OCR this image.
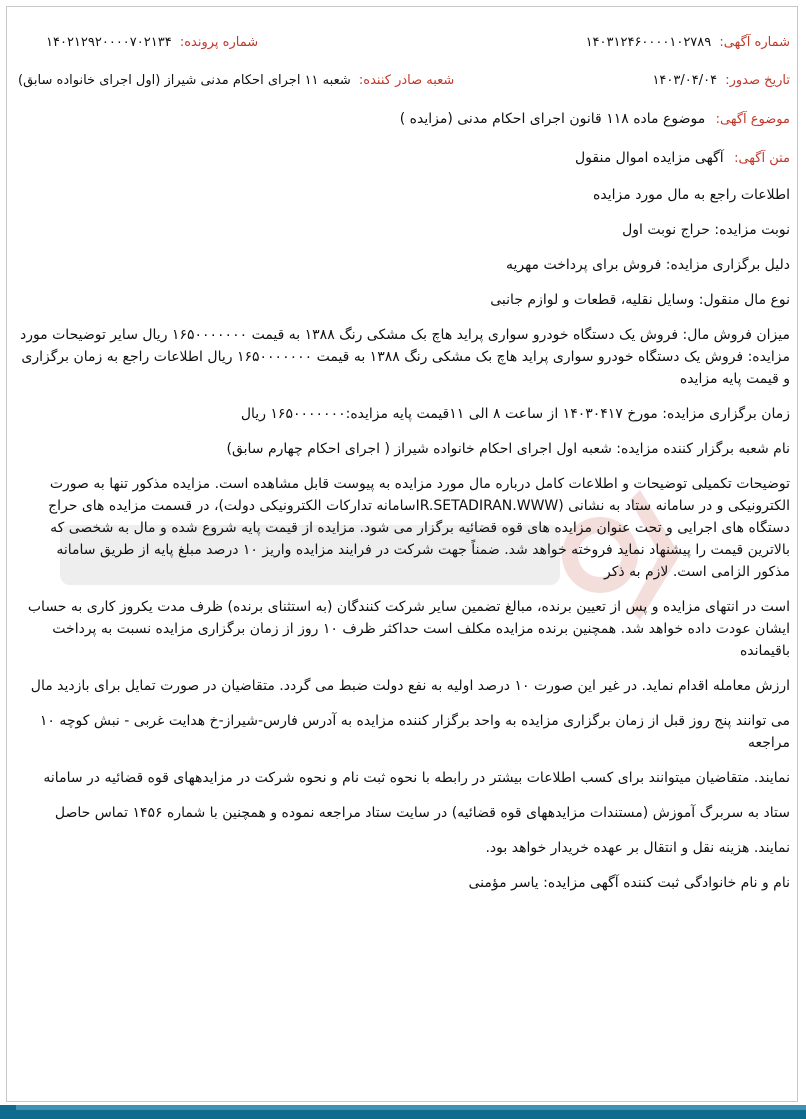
شماره آگهی: ۱۴۰۳۱۲۴۶۰۰۰۰۱۰۲۷۸۹
شماره پرونده: ۱۴۰۲۱۲۹۲۰۰۰۰۷۰۲۱۳۴
تاریخ صدور: ۱۴۰۳/۰۴/۰۴
شعبه صادر کننده: شعبه ۱۱ اجرای احکام مدنی شیراز (اول اجرای خانواده سابق)
موضوع آگهی: موضوع ماده ۱۱۸ قانون اجرای احکام مدنی (مزایده )
متن آگهی: آگهی مزایده اموال منقول

اطلاعات راجع به مال مورد مزایده

نوبت مزایده: حراج نوبت اول

دلیل برگزاری مزایده: فروش برای پرداخت مهریه

نوع مال منقول: وسایل نقلیه، قطعات و لوازم جانبی

میزان فروش مال: فروش یک دستگاه خودرو سواری پراید هاچ بک مشکی رنگ ۱۳۸۸ به قیمت ۱۶۵۰۰۰۰۰۰۰ ریال سایر توضیحات مورد مزایده: فروش یک دستگاه خودرو سواری پراید هاچ بک مشکی رنگ ۱۳۸۸ به قیمت ۱۶۵۰۰۰۰۰۰۰ ریال اطلاعات راجع به زمان برگزاری و قیمت پایه مزایده

زمان برگزاری مزایده: مورخ ۱۴۰۳۰۴۱۷ از ساعت ۸ الی ۱۱قیمت پایه مزایده:۱۶۵۰۰۰۰۰۰۰ ریال

نام شعبه برگزار کننده مزایده: شعبه اول اجرای احکام خانواده شیراز ( اجرای احکام چهارم سابق)

توضیحات تکمیلی توضیحات و اطلاعات کامل درباره مال مورد مزایده به پیوست قابل مشاهده است. مزایده مذکور تنها به صورت الکترونیکی و در سامانه ستاد به نشانی (IR.SETADIRAN.WWWسامانه تدارکات الکترونیکی دولت)، در قسمت مزایده های حراج دستگاه های اجرایی و تحت عنوان مزایده های قوه قضائیه برگزار می شود. مزایده از قیمت پایه شروع شده و مال به شخصی که بالاترین قیمت را پیشنهاد نماید فروخته خواهد شد. ضمناً جهت شرکت در فرایند مزایده واریز ۱۰ درصد مبلغ پایه از طریق سامانه مذکور الزامی است. لازم به ذکر

است در انتهای مزایده و پس از تعیین برنده، مبالغ تضمین سایر شرکت کنندگان (به استثنای برنده) ظرف مدت یکروز کاری به حساب ایشان عودت داده خواهد شد. همچنین برنده مزایده مکلف است حداکثر ظرف ۱۰ روز از زمان برگزاری مزایده نسبت به پرداخت باقیمانده

ارزش معامله اقدام نماید. در غیر این صورت ۱۰ درصد اولیه به نفع دولت ضبط می گردد. متقاضیان در صورت تمایل برای بازدید مال

می توانند پنج روز قبل از زمان برگزاری مزایده به واحد برگزار کننده مزایده به آدرس فارس-شیراز-خ هدایت غربی - نبش کوچه ۱۰ مراجعه

نمایند. متقاضیان میتوانند برای کسب اطلاعات بیشتر در رابطه با نحوه ثبت نام و نحوه شرکت در مزایدههای قوه قضائیه در سامانه

ستاد به سربرگ آموزش (مستندات مزایدههای قوه قضائیه) در سایت ستاد مراجعه نموده و همچنین با شماره ۱۴۵۶ تماس حاصل

نمایند. هزینه نقل و انتقال بر عهده خریدار خواهد بود.

نام و نام خانوادگی ثبت کننده آگهی مزایده: یاسر مؤمنی
